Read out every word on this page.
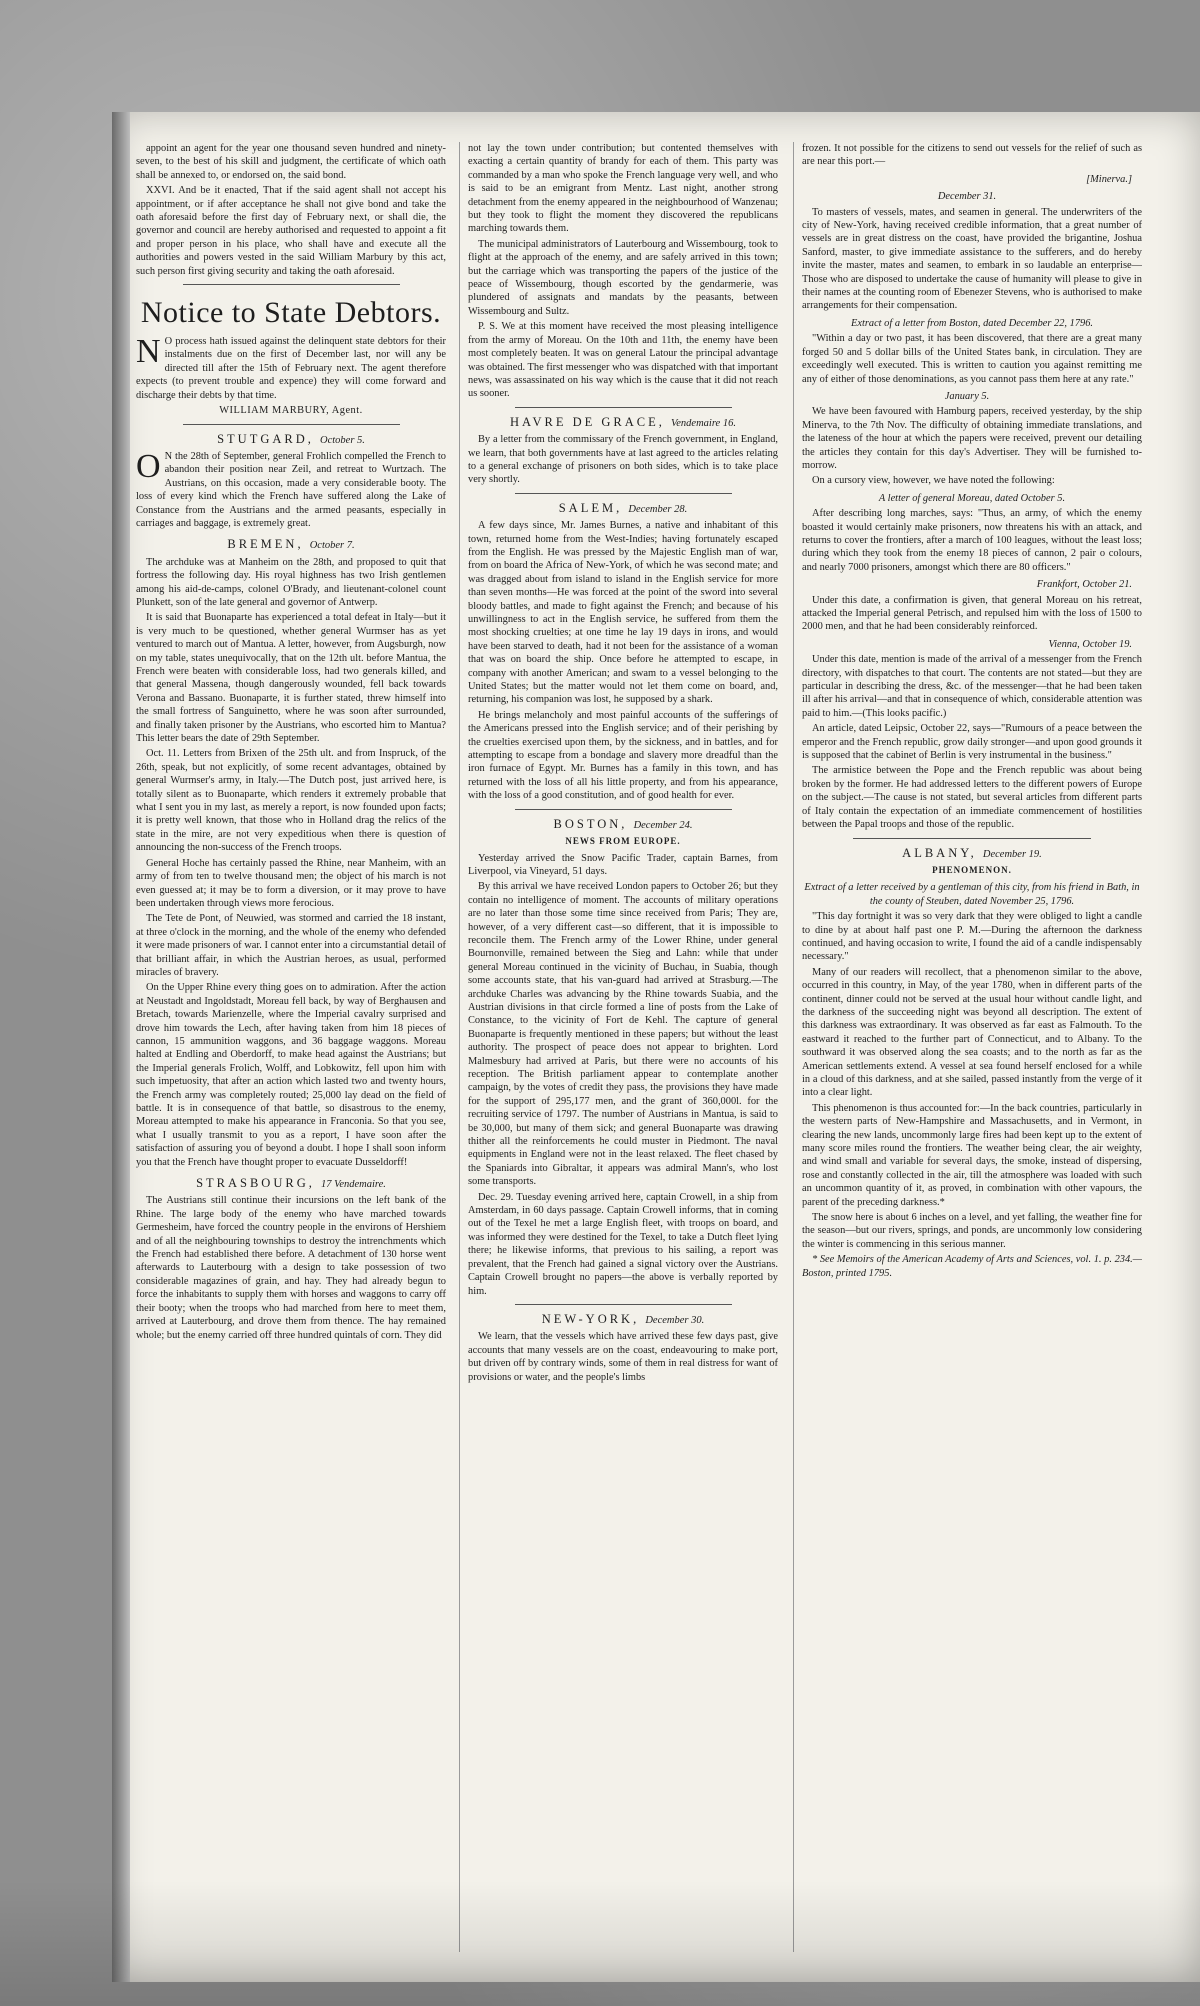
appoint an agent for the year one thousand seven hundred and ninety-seven, to the best of his skill and judgment, the certificate of which oath shall be annexed to, or endorsed on, the said bond.

XXVI. And be it enacted, That if the said agent shall not accept his appointment, or if after acceptance he shall not give bond and take the oath aforesaid before the first day of February next, or shall die, the governor and council are hereby authorised and requested to appoint a fit and proper person in his place, who shall have and execute all the authorities and powers vested in the said William Marbury by this act, such person first giving security and taking the oath aforesaid.

Notice to State Debtors.

N O process hath issued against the delinquent state debtors for their instalments due on the first of December last, nor will any be directed till after the 15th of February next. The agent therefore expects (to prevent trouble and expence) they will come forward and discharge their debts by that time.

WILLIAM MARBURY, Agent.
STUTGARD, October 5.

O N the 28th of September, general Frohlich compelled the French to abandon their position near Zeil, and retreat to Wurtzach. The Austrians, on this occasion, made a very considerable booty. The loss of every kind which the French have suffered along the Lake of Constance from the Austrians and the armed peasants, especially in carriages and baggage, is extremely great.

BREMEN, October 7.

The archduke was at Manheim on the 28th, and proposed to quit that fortress the following day. His royal highness has two Irish gentlemen among his aid-de-camps, colonel O'Brady, and lieutenant-colonel count Plunkett, son of the late general and governor of Antwerp.

It is said that Buonaparte has experienced a total defeat in Italy—but it is very much to be questioned, whether general Wurmser has as yet ventured to march out of Mantua. A letter, however, from Augsburgh, now on my table, states unequivocally, that on the 12th ult. before Mantua, the French were beaten with considerable loss, had two generals killed, and that general Massena, though dangerously wounded, fell back towards Verona and Bassano. Buonaparte, it is further stated, threw himself into the small fortress of Sanguinetto, where he was soon after surrounded, and finally taken prisoner by the Austrians, who escorted him to Mantua? This letter bears the date of 29th September.

Oct. 11. Letters from Brixen of the 25th ult. and from Inspruck, of the 26th, speak, but not explicitly, of some recent advantages, obtained by general Wurmser's army, in Italy.—The Dutch post, just arrived here, is totally silent as to Buonaparte, which renders it extremely probable that what I sent you in my last, as merely a report, is now founded upon facts; it is pretty well known, that those who in Holland drag the relics of the state in the mire, are not very expeditious when there is question of announcing the non-success of the French troops.

General Hoche has certainly passed the Rhine, near Manheim, with an army of from ten to twelve thousand men; the object of his march is not even guessed at; it may be to form a diversion, or it may prove to have been undertaken through views more ferocious.

The Tete de Pont, of Neuwied, was stormed and carried the 18 instant, at three o'clock in the morning, and the whole of the enemy who defended it were made prisoners of war. I cannot enter into a circumstantial detail of that brilliant affair, in which the Austrian heroes, as usual, performed miracles of bravery.

On the Upper Rhine every thing goes on to admiration. After the action at Neustadt and Ingoldstadt, Moreau fell back, by way of Berghausen and Bretach, towards Marienzelle, where the Imperial cavalry surprised and drove him towards the Lech, after having taken from him 18 pieces of cannon, 15 ammunition waggons, and 36 baggage waggons. Moreau halted at Endling and Oberdorff, to make head against the Austrians; but the Imperial generals Frolich, Wolff, and Lobkowitz, fell upon him with such impetuosity, that after an action which lasted two and twenty hours, the French army was completely routed; 25,000 lay dead on the field of battle. It is in consequence of that battle, so disastrous to the enemy, Moreau attempted to make his appearance in Franconia. So that you see, what I usually transmit to you as a report, I have soon after the satisfaction of assuring you of beyond a doubt. I hope I shall soon inform you that the French have thought proper to evacuate Dusseldorff!

STRASBOURG, 17 Vendemaire.

The Austrians still continue their incursions on the left bank of the Rhine. The large body of the enemy who have marched towards Germesheim, have forced the country people in the environs of Hershiem and of all the neighbouring townships to destroy the intrenchments which the French had established there before. A detachment of 130 horse went afterwards to Lauterbourg with a design to take possession of two considerable magazines of grain, and hay. They had already begun to force the inhabitants to supply them with horses and waggons to carry off their booty; when the troops who had marched from here to meet them, arrived at Lauterbourg, and drove them from thence. The hay remained whole; but the enemy carried off three hundred quintals of corn. They did

not lay the town under contribution; but contented themselves with exacting a certain quantity of brandy for each of them. This party was commanded by a man who spoke the French language very well, and who is said to be an emigrant from Mentz. Last night, another strong detachment from the enemy appeared in the neighbourhood of Wanzenau; but they took to flight the moment they discovered the republicans marching towards them.

The municipal administrators of Lauterbourg and Wissembourg, took to flight at the approach of the enemy, and are safely arrived in this town; but the carriage which was transporting the papers of the justice of the peace of Wissembourg, though escorted by the gendarmerie, was plundered of assignats and mandats by the peasants, between Wissembourg and Sultz.

P. S. We at this moment have received the most pleasing intelligence from the army of Moreau. On the 10th and 11th, the enemy have been most completely beaten. It was on general Latour the principal advantage was obtained. The first messenger who was dispatched with that important news, was assassinated on his way which is the cause that it did not reach us sooner.

HAVRE DE GRACE, Vendemaire 16.

By a letter from the commissary of the French government, in England, we learn, that both governments have at last agreed to the articles relating to a general exchange of prisoners on both sides, which is to take place very shortly.

SALEM, December 28.

A few days since, Mr. James Burnes, a native and inhabitant of this town, returned home from the West-Indies; having fortunately escaped from the English. He was pressed by the Majestic English man of war, from on board the Africa of New-York, of which he was second mate; and was dragged about from island to island in the English service for more than seven months—He was forced at the point of the sword into several bloody battles, and made to fight against the French; and because of his unwillingness to act in the English service, he suffered from them the most shocking cruelties; at one time he lay 19 days in irons, and would have been starved to death, had it not been for the assistance of a woman that was on board the ship. Once before he attempted to escape, in company with another American; and swam to a vessel belonging to the United States; but the matter would not let them come on board, and, returning, his companion was lost, he supposed by a shark.

He brings melancholy and most painful accounts of the sufferings of the Americans pressed into the English service; and of their perishing by the cruelties exercised upon them, by the sickness, and in battles, and for attempting to escape from a bondage and slavery more dreadful than the iron furnace of Egypt. Mr. Burnes has a family in this town, and has returned with the loss of all his little property, and from his appearance, with the loss of a good constitution, and of good health for ever.

BOSTON, December 24.
NEWS FROM EUROPE.

Yesterday arrived the Snow Pacific Trader, captain Barnes, from Liverpool, via Vineyard, 51 days.

By this arrival we have received London papers to October 26; but they contain no intelligence of moment. The accounts of military operations are no later than those some time since received from Paris; They are, however, of a very different cast—so different, that it is impossible to reconcile them. The French army of the Lower Rhine, under general Bournonville, remained between the Sieg and Lahn: while that under general Moreau continued in the vicinity of Buchau, in Suabia, though some accounts state, that his van-guard had arrived at Strasburg.—The archduke Charles was advancing by the Rhine towards Suabia, and the Austrian divisions in that circle formed a line of posts from the Lake of Constance, to the vicinity of Fort de Kehl. The capture of general Buonaparte is frequently mentioned in these papers; but without the least authority. The prospect of peace does not appear to brighten. Lord Malmesbury had arrived at Paris, but there were no accounts of his reception. The British parliament appear to contemplate another campaign, by the votes of credit they pass, the provisions they have made for the support of 295,177 men, and the grant of 360,000l. for the recruiting service of 1797. The number of Austrians in Mantua, is said to be 30,000, but many of them sick; and general Buonaparte was drawing thither all the reinforcements he could muster in Piedmont. The naval equipments in England were not in the least relaxed. The fleet chased by the Spaniards into Gibraltar, it appears was admiral Mann's, who lost some transports.

Dec. 29. Tuesday evening arrived here, captain Crowell, in a ship from Amsterdam, in 60 days passage. Captain Crowell informs, that in coming out of the Texel he met a large English fleet, with troops on board, and was informed they were destined for the Texel, to take a Dutch fleet lying there; he likewise informs, that previous to his sailing, a report was prevalent, that the French had gained a signal victory over the Austrians. Captain Crowell brought no papers—the above is verbally reported by him.

NEW-YORK, December 30.

We learn, that the vessels which have arrived these few days past, give accounts that many vessels are on the coast, endeavouring to make port, but driven off by contrary winds, some of them in real distress for want of provisions or water, and the people's limbs

frozen. It not possible for the citizens to send out vessels for the relief of such as are near this port.—

[Minerva.]
December 31.

To masters of vessels, mates, and seamen in general. The underwriters of the city of New-York, having received credible information, that a great number of vessels are in great distress on the coast, have provided the brigantine, Joshua Sanford, master, to give immediate assistance to the sufferers, and do hereby invite the master, mates and seamen, to embark in so laudable an enterprise—Those who are disposed to undertake the cause of humanity will please to give in their names at the counting room of Ebenezer Stevens, who is authorised to make arrangements for their compensation.

Extract of a letter from Boston, dated December 22, 1796.

"Within a day or two past, it has been discovered, that there are a great many forged 50 and 5 dollar bills of the United States bank, in circulation. They are exceedingly well executed. This is written to caution you against remitting me any of either of those denominations, as you cannot pass them here at any rate."

January 5.

We have been favoured with Hamburg papers, received yesterday, by the ship Minerva, to the 7th Nov. The difficulty of obtaining immediate translations, and the lateness of the hour at which the papers were received, prevent our detailing the articles they contain for this day's Advertiser. They will be furnished to-morrow.

On a cursory view, however, we have noted the following:

A letter of general Moreau, dated October 5.

After describing long marches, says: "Thus, an army, of which the enemy boasted it would certainly make prisoners, now threatens his with an attack, and returns to cover the frontiers, after a march of 100 leagues, without the least loss; during which they took from the enemy 18 pieces of cannon, 2 pair o colours, and nearly 7000 prisoners, amongst which there are 80 officers."

Frankfort, October 21.

Under this date, a confirmation is given, that general Moreau on his retreat, attacked the Imperial general Petrisch, and repulsed him with the loss of 1500 to 2000 men, and that he had been considerably reinforced.

Vienna, October 19.

Under this date, mention is made of the arrival of a messenger from the French directory, with dispatches to that court. The contents are not stated—but they are particular in describing the dress, &c. of the messenger—that he had been taken ill after his arrival—and that in consequence of which, considerable attention was paid to him.—(This looks pacific.)

An article, dated Leipsic, October 22, says—"Rumours of a peace between the emperor and the French republic, grow daily stronger—and upon good grounds it is supposed that the cabinet of Berlin is very instrumental in the business."

The armistice between the Pope and the French republic was about being broken by the former. He had addressed letters to the different powers of Europe on the subject.—The cause is not stated, but several articles from different parts of Italy contain the expectation of an immediate commencement of hostilities between the Papal troops and those of the republic.

ALBANY, December 19.
PHENOMENON.
Extract of a letter received by a gentleman of this city, from his friend in Bath, in the county of Steuben, dated November 25, 1796.

"This day fortnight it was so very dark that they were obliged to light a candle to dine by at about half past one P. M.—During the afternoon the darkness continued, and having occasion to write, I found the aid of a candle indispensably necessary."

Many of our readers will recollect, that a phenomenon similar to the above, occurred in this country, in May, of the year 1780, when in different parts of the continent, dinner could not be served at the usual hour without candle light, and the darkness of the succeeding night was beyond all description. The extent of this darkness was extraordinary. It was observed as far east as Falmouth. To the eastward it reached to the further part of Connecticut, and to Albany. To the southward it was observed along the sea coasts; and to the north as far as the American settlements extend. A vessel at sea found herself enclosed for a while in a cloud of this darkness, and at she sailed, passed instantly from the verge of it into a clear light.

This phenomenon is thus accounted for:—In the back countries, particularly in the western parts of New-Hampshire and Massachusetts, and in Vermont, in clearing the new lands, uncommonly large fires had been kept up to the extent of many score miles round the frontiers. The weather being clear, the air weighty, and wind small and variable for several days, the smoke, instead of dispersing, rose and constantly collected in the air, till the atmosphere was loaded with such an uncommon quantity of it, as proved, in combination with other vapours, the parent of the preceding darkness.*

The snow here is about 6 inches on a level, and yet falling, the weather fine for the season—but our rivers, springs, and ponds, are uncommonly low considering the winter is commencing in this serious manner.

* See Memoirs of the American Academy of Arts and Sciences, vol. 1. p. 234.—Boston, printed 1795.
